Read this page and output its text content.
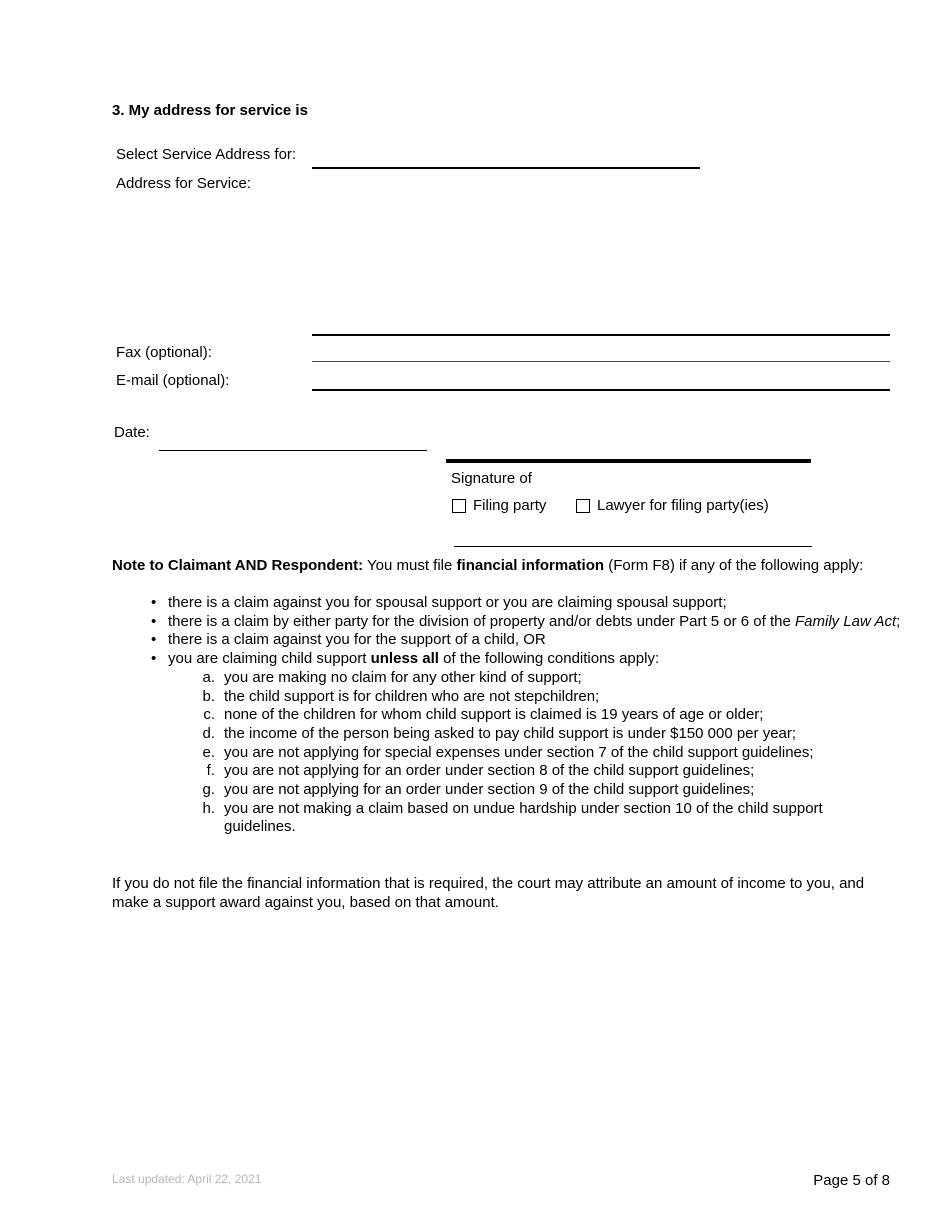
3. My address for service is
Select Service Address for:
Address for Service:
Fax (optional):
E-mail (optional):
Date:
Signature of
Filing party	Lawyer for filing party(ies)
Note to Claimant AND Respondent: You must file financial information (Form F8) if any of the following apply:
• there is a claim against you for spousal support or you are claiming spousal support;
• there is a claim by either party for the division of property and/or debts under Part 5 or 6 of the Family Law Act;
• there is a claim against you for the support of a child, OR
• you are claiming child support unless all of the following conditions apply:
a. you are making no claim for any other kind of support;
b. the child support is for children who are not stepchildren;
c. none of the children for whom child support is claimed is 19 years of age or older;
d. the income of the person being asked to pay child support is under $150 000 per year;
e. you are not applying for special expenses under section 7 of the child support guidelines;
f. you are not applying for an order under section 8 of the child support guidelines;
g. you are not applying for an order under section 9 of the child support guidelines;
h. you are not making a claim based on undue hardship under section 10 of the child support guidelines.
If you do not file the financial information that is required, the court may attribute an amount of income to you, and make a support award against you, based on that amount.
Last updated: April 22, 2021	Page 5 of 8
